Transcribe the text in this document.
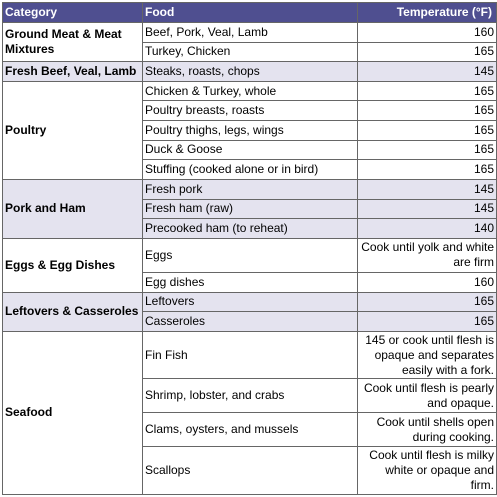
Category	Food	Temperature (°F)
Ground Meat & Meat Mixtures	Beef, Pork, Veal, Lamb	160
	Turkey, Chicken	165
Fresh Beef, Veal, Lamb	Steaks, roasts, chops	145
Poultry	Chicken & Turkey, whole	165
	Poultry breasts, roasts	165
	Poultry thighs, legs, wings	165
	Duck & Goose	165
	Stuffing (cooked alone or in bird)	165
Pork and Ham	Fresh pork	145
	Fresh ham (raw)	145
	Precooked ham (to reheat)	140
Eggs & Egg Dishes	Eggs	Cook until yolk and white are firm
	Egg dishes	160
Leftovers & Casseroles	Leftovers	165
	Casseroles	165
Seafood	Fin Fish	145 or cook until flesh is opaque and separates easily with a fork.
	Shrimp, lobster, and crabs	Cook until flesh is pearly and opaque.
	Clams, oysters, and mussels	Cook until shells open during cooking.
	Scallops	Cook until flesh is milky white or opaque and firm.
